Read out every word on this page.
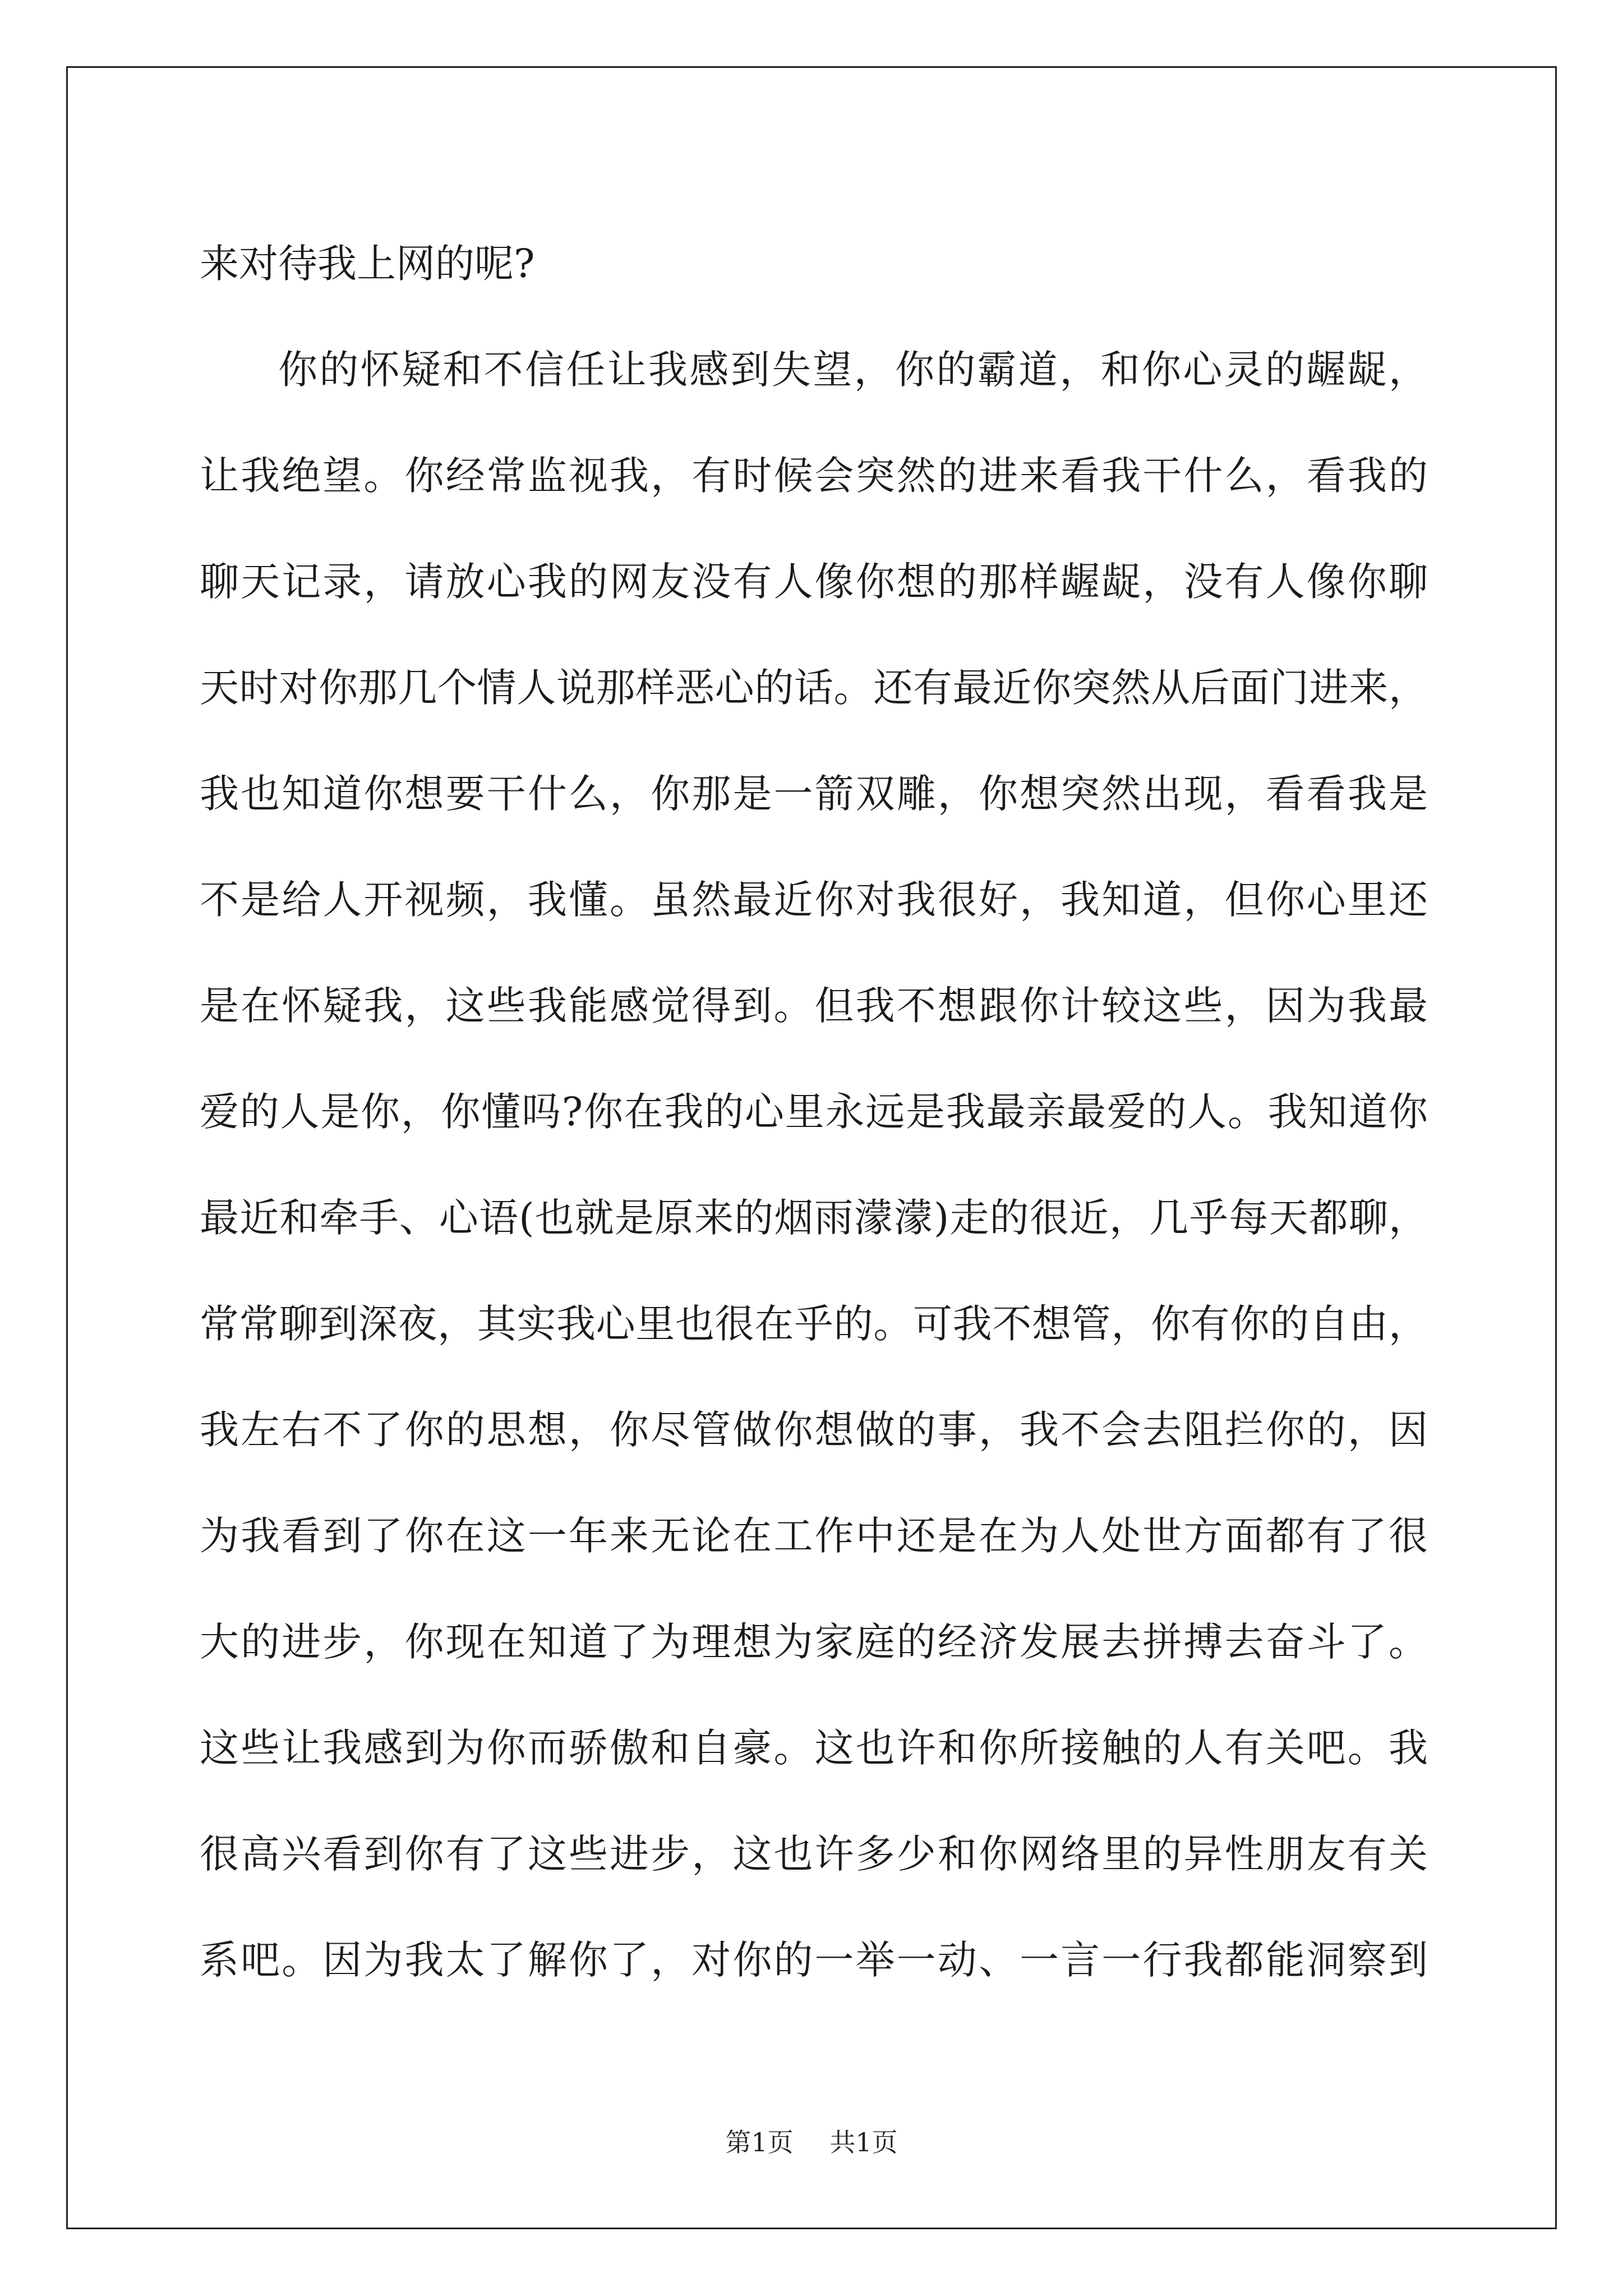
来对待我上网的呢?
你的怀疑和不信任让我感到失望，你的霸道，和你心灵的龌龊，
让我绝望。你经常监视我，有时候会突然的进来看我干什么，看我的
聊天记录，请放心我的网友没有人像你想的那样龌龊，没有人像你聊
天时对你那几个情人说那样恶心的话。还有最近你突然从后面门进来，
我也知道你想要干什么，你那是一箭双雕，你想突然出现，看看我是
不是给人开视频，我懂。虽然最近你对我很好，我知道，但你心里还
是在怀疑我，这些我能感觉得到。但我不想跟你计较这些，因为我最
爱的人是你，你懂吗?你在我的心里永远是我最亲最爱的人。我知道你
最近和牵手、心语(也就是原来的烟雨濛濛)走的很近，几乎每天都聊，
常常聊到深夜，其实我心里也很在乎的。可我不想管，你有你的自由，
我左右不了你的思想，你尽管做你想做的事，我不会去阻拦你的，因
为我看到了你在这一年来无论在工作中还是在为人处世方面都有了很
大的进步，你现在知道了为理想为家庭的经济发展去拼搏去奋斗了。
这些让我感到为你而骄傲和自豪。这也许和你所接触的人有关吧。我
很高兴看到你有了这些进步，这也许多少和你网络里的异性朋友有关
系吧。因为我太了解你了，对你的一举一动、一言一行我都能洞察到
第1页 共1页
